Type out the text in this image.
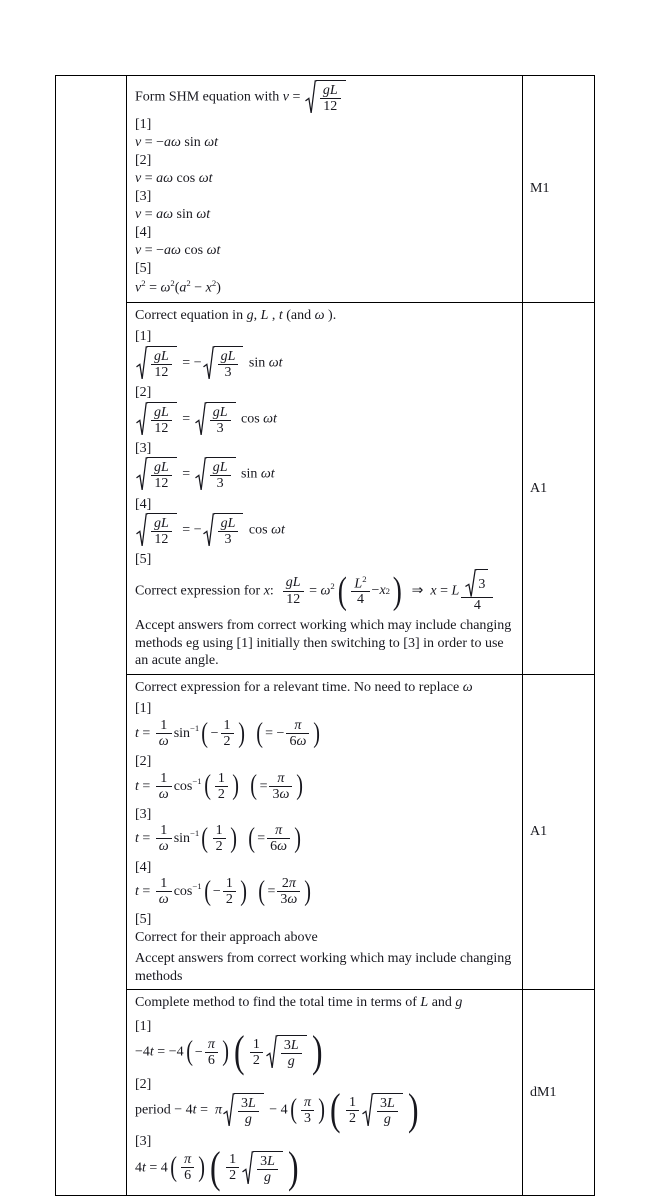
Form SHM equation with v = gL
12
[1]
v = −aω sin ωt
[2]
v = aω cos ωt
[3]
v = aω sin ωt
[4]
v = −aω cos ωt
[5]
$v^2 = \omega^2(a^2 - x^2)$
M1
Correct equation in g, L , t (and ω ).
[1]
gL
12
= − gL
3
sin ωt
[2]
gL
12
= gL
3
cos ωt
[3]
gL
12
= gL
3
sin ωt
[4]
gL
12
= − gL
3
cos ωt
[5]
Correct expression for x: $\frac{gL}{12} = \omega^2$ ( $L^2$
4
− x 2
) ⇒  x = L $\frac{3}{4}$
Accept answers from correct working which may include changing methods eg using [1] initially then switching to [3] in order to use an acute angle.
A1
Correct expression for a relevant time. No need to replace ω
[1]
$t = \frac{1}{\omega} \sin^{-1}$ ( −
1
2
)  ( = −
π
6ω
)
[2]
$t = \frac{1}{\omega} \cos^{-1}$ ( 1
2
)  ( =
π
3ω
)
[3]
$t = \frac{1}{\omega} \sin^{-1}$ ( 1
2
)  ( =
π
6ω
)
[4]
$t = \frac{1}{\omega} \cos^{-1}$ ( −
1
2
)  ( =
2π
3ω
)
[5]
Correct for their approach above
Accept answers from correct working which may include changing methods
A1
Complete method to find the total time in terms of L and g
[1]
−4t = −4 ( −
π
6
)
( 1
2
3L
g
)
[2]
period − 4t =  π 3L
g
− 4
( π
3
)
( 1
2
3L
g
)
[3]
4t = 4
( π
6
)
( 1
2
3L
g
)
dM1
